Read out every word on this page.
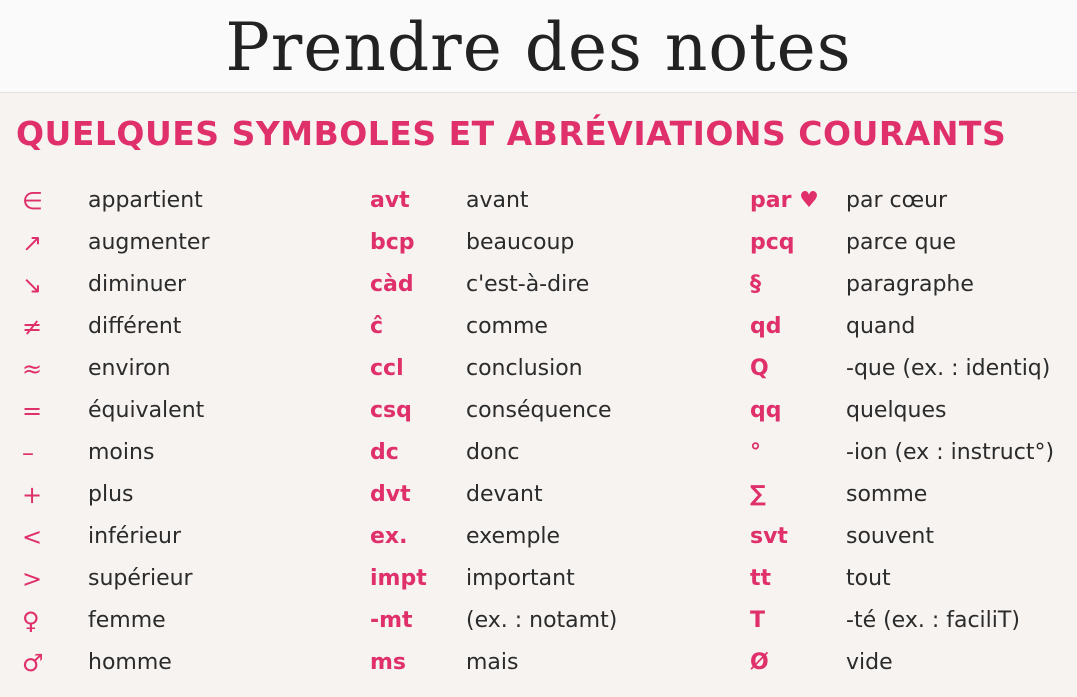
Prendre des notes
QUELQUES SYMBOLES ET ABRÉVIATIONS COURANTS
∈ appartient
↗ augmenter
↘ diminuer
≠ différent
≈ environ
= équivalent
– moins
+ plus
< inférieur
> supérieur
♀ femme
♂ homme
avt	avant
bcp beaucoup
càd c'est-à-dire
ĉ	comme
ccl	conclusion
csq conséquence
dc	donc
dvt	devant
ex.	exemple
impt important
-mt (ex. : notamt)
ms	mais
par ♥ par cœur
pcq parce que
§	paragraphe
qd	quand
Q	-que (ex. : identiq)
qq	quelques
°	-ion (ex : instruct°)
∑	somme
svt	souvent
tt	tout
T	-té (ex. : faciliT)
Ø	vide
